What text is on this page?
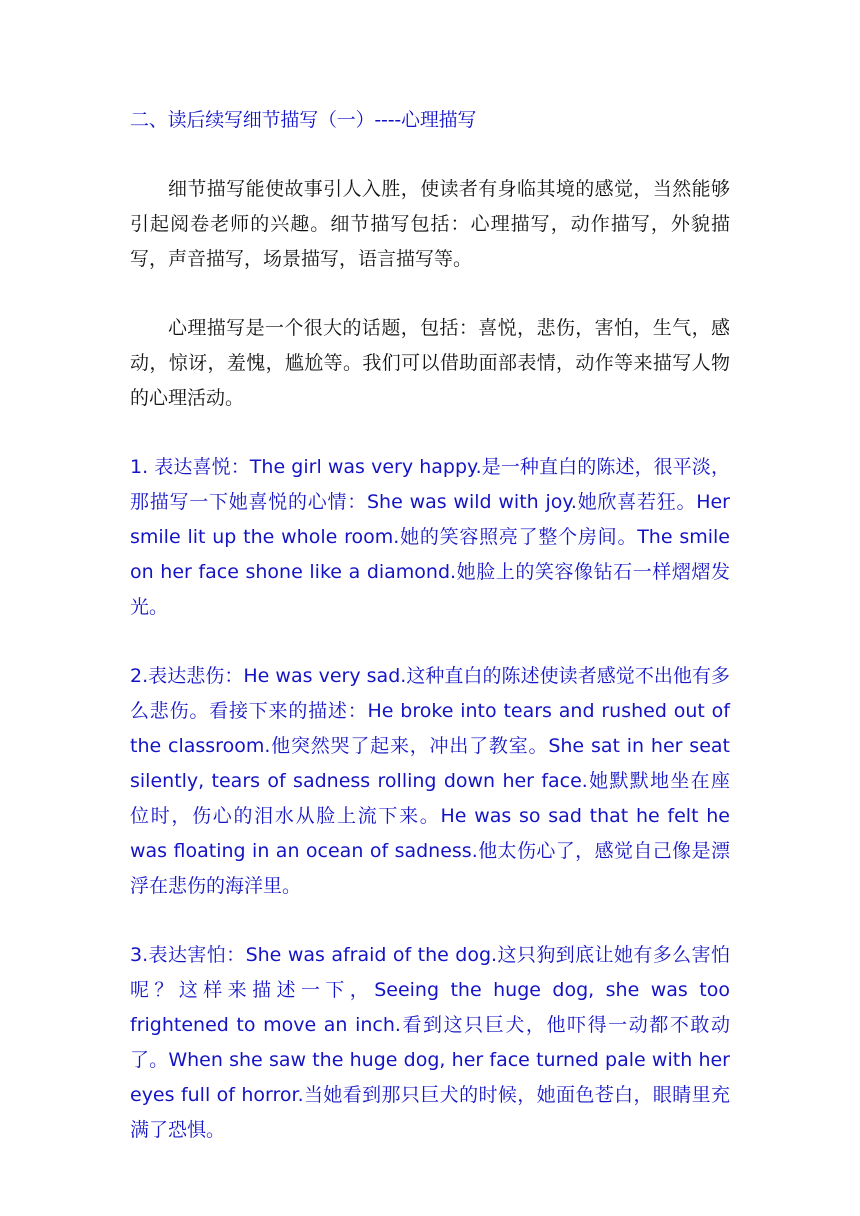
二、读后续写细节描写（一）----心理描写

细节描写能使故事引人入胜，使读者有身临其境的感觉，当然能够引起阅卷老师的兴趣。细节描写包括：心理描写，动作描写，外貌描写，声音描写，场景描写，语言描写等。

心理描写是一个很大的话题，包括：喜悦，悲伤，害怕，生气，感动，惊讶，羞愧，尴尬等。我们可以借助面部表情，动作等来描写人物的心理活动。

1. 表达喜悦：The girl was very happy.是一种直白的陈述，很平淡，那描写一下她喜悦的心情：She was wild with joy.她欣喜若狂。Her smile lit up the whole room.她的笑容照亮了整个房间。The smile on her face shone like a diamond.她脸上的笑容像钻石一样熠熠发光。

2.表达悲伤：He was very sad.这种直白的陈述使读者感觉不出他有多么悲伤。看接下来的描述：He broke into tears and rushed out of the classroom.他突然哭了起来，冲出了教室。She sat in her seat silently, tears of sadness rolling down her face.她默默地坐在座位时，伤心的泪水从脸上流下来。He was so sad that he felt he was floating in an ocean of sadness.他太伤心了，感觉自己像是漂浮在悲伤的海洋里。

3.表达害怕：She was afraid of the dog.这只狗到底让她有多么害怕呢？这样来描述一下，Seeing the huge dog, she was too frightened to move an inch.看到这只巨犬，他吓得一动都不敢动了。When she saw the huge dog, her face turned pale with her eyes full of horror.当她看到那只巨犬的时候，她面色苍白，眼睛里充满了恐惧。
